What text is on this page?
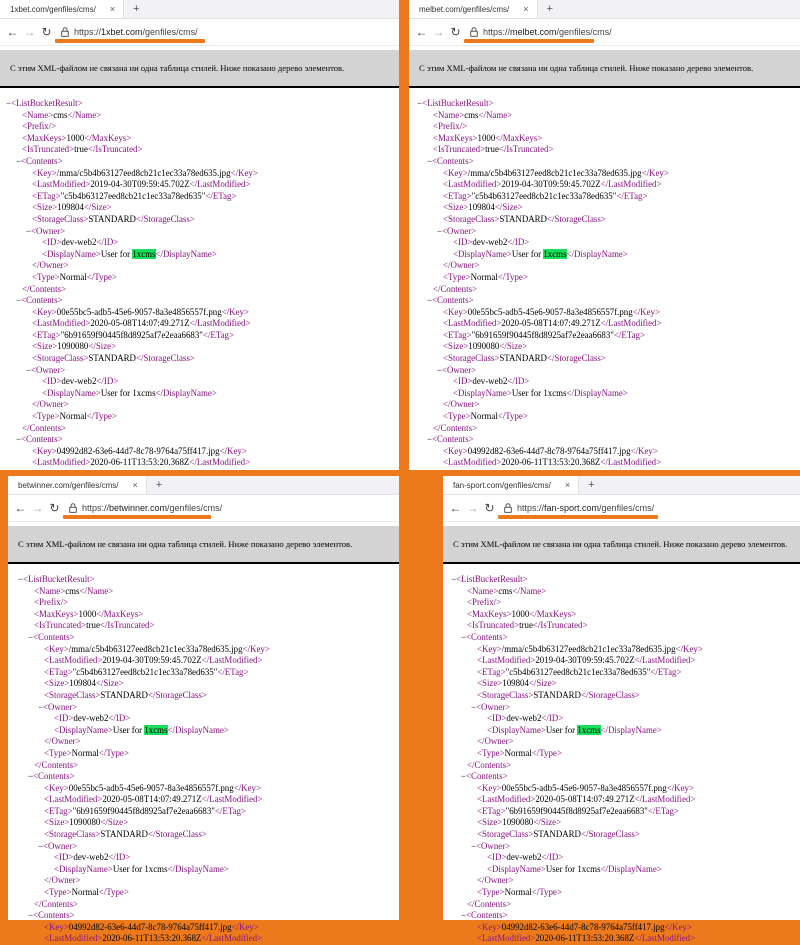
1xbet.com/genfiles/cms/ × +
← → ↻	https:// 1xbet.com /genfiles/cms/
С этим XML-файлом не связана ни одна таблица стилей. Ниже показано дерево элементов.
−<ListBucketResult>
<Name>cms</Name>
<Prefix/>
<MaxKeys>1000</MaxKeys>
<IsTruncated>true</IsTruncated>
−<Contents>
<Key>/mma/c5b4b63127eed8cb21c1ec33a78ed635.jpg</Key>
<LastModified>2019-04-30T09:59:45.702Z</LastModified>
<ETag>"c5b4b63127eed8cb21c1ec33a78ed635"</ETag>
<Size>109804</Size>
<StorageClass>STANDARD</StorageClass>
−<Owner>
<ID>dev-web2</ID>
<DisplayName>User for 1xcms</DisplayName>
</Owner>
<Type>Normal</Type>
</Contents>
−<Contents>
<Key>00e55bc5-adb5-45e6-9057-8a3e4856557f.png</Key>
<LastModified>2020-05-08T14:07:49.271Z</LastModified>
<ETag>"6b91659f90445f8d8925af7e2eaa6683"</ETag>
<Size>1090080</Size>
<StorageClass>STANDARD</StorageClass>
−<Owner>
<ID>dev-web2</ID>
<DisplayName>User for 1xcms</DisplayName>
</Owner>
<Type>Normal</Type>
</Contents>
−<Contents>
<Key>04992d82-63e6-44d7-8c78-9764a75ff417.jpg</Key>
<LastModified>2020-06-11T13:53:20.368Z</LastModified>
melbet.com/genfiles/cms/ × +
← → ↻	https:// melbet.com /genfiles/cms/
С этим XML-файлом не связана ни одна таблица стилей. Ниже показано дерево элементов.
−<ListBucketResult>
<Name>cms</Name>
<Prefix/>
<MaxKeys>1000</MaxKeys>
<IsTruncated>true</IsTruncated>
−<Contents>
<Key>/mma/c5b4b63127eed8cb21c1ec33a78ed635.jpg</Key>
<LastModified>2019-04-30T09:59:45.702Z</LastModified>
<ETag>"c5b4b63127eed8cb21c1ec33a78ed635"</ETag>
<Size>109804</Size>
<StorageClass>STANDARD</StorageClass>
−<Owner>
<ID>dev-web2</ID>
<DisplayName>User for 1xcms</DisplayName>
</Owner>
<Type>Normal</Type>
</Contents>
−<Contents>
<Key>00e55bc5-adb5-45e6-9057-8a3e4856557f.png</Key>
<LastModified>2020-05-08T14:07:49.271Z</LastModified>
<ETag>"6b91659f90445f8d8925af7e2eaa6683"</ETag>
<Size>1090080</Size>
<StorageClass>STANDARD</StorageClass>
−<Owner>
<ID>dev-web2</ID>
<DisplayName>User for 1xcms</DisplayName>
</Owner>
<Type>Normal</Type>
</Contents>
−<Contents>
<Key>04992d82-63e6-44d7-8c78-9764a75ff417.jpg</Key>
<LastModified>2020-06-11T13:53:20.368Z</LastModified>
betwinner.com/genfiles/cms/ × +
← → ↻	https:// betwinner.com /genfiles/cms/
С этим XML-файлом не связана ни одна таблица стилей. Ниже показано дерево элементов.
−<ListBucketResult>
<Name>cms</Name>
<Prefix/>
<MaxKeys>1000</MaxKeys>
<IsTruncated>true</IsTruncated>
−<Contents>
<Key>/mma/c5b4b63127eed8cb21c1ec33a78ed635.jpg</Key>
<LastModified>2019-04-30T09:59:45.702Z</LastModified>
<ETag>"c5b4b63127eed8cb21c1ec33a78ed635"</ETag>
<Size>109804</Size>
<StorageClass>STANDARD</StorageClass>
−<Owner>
<ID>dev-web2</ID>
<DisplayName>User for 1xcms</DisplayName>
</Owner>
<Type>Normal</Type>
</Contents>
−<Contents>
<Key>00e55bc5-adb5-45e6-9057-8a3e4856557f.png</Key>
<LastModified>2020-05-08T14:07:49.271Z</LastModified>
<ETag>"6b91659f90445f8d8925af7e2eaa6683"</ETag>
<Size>1090080</Size>
<StorageClass>STANDARD</StorageClass>
−<Owner>
<ID>dev-web2</ID>
<DisplayName>User for 1xcms</DisplayName>
</Owner>
<Type>Normal</Type>
</Contents>
−<Contents>
<Key>04992d82-63e6-44d7-8c78-9764a75ff417.jpg</Key>
<LastModified>2020-06-11T13:53:20.368Z</LastModified>
fan-sport.com/genfiles/cms/ × +
← → ↻	https:// fan-sport.com /genfiles/cms/
С этим XML-файлом не связана ни одна таблица стилей. Ниже показано дерево элементов.
−<ListBucketResult>
<Name>cms</Name>
<Prefix/>
<MaxKeys>1000</MaxKeys>
<IsTruncated>true</IsTruncated>
−<Contents>
<Key>/mma/c5b4b63127eed8cb21c1ec33a78ed635.jpg</Key>
<LastModified>2019-04-30T09:59:45.702Z</LastModified>
<ETag>"c5b4b63127eed8cb21c1ec33a78ed635"</ETag>
<Size>109804</Size>
<StorageClass>STANDARD</StorageClass>
−<Owner>
<ID>dev-web2</ID>
<DisplayName>User for 1xcms</DisplayName>
</Owner>
<Type>Normal</Type>
</Contents>
−<Contents>
<Key>00e55bc5-adb5-45e6-9057-8a3e4856557f.png</Key>
<LastModified>2020-05-08T14:07:49.271Z</LastModified>
<ETag>"6b91659f90445f8d8925af7e2eaa6683"</ETag>
<Size>1090080</Size>
<StorageClass>STANDARD</StorageClass>
−<Owner>
<ID>dev-web2</ID>
<DisplayName>User for 1xcms</DisplayName>
</Owner>
<Type>Normal</Type>
</Contents>
−<Contents>
<Key>04992d82-63e6-44d7-8c78-9764a75ff417.jpg</Key>
<LastModified>2020-06-11T13:53:20.368Z</LastModified>
